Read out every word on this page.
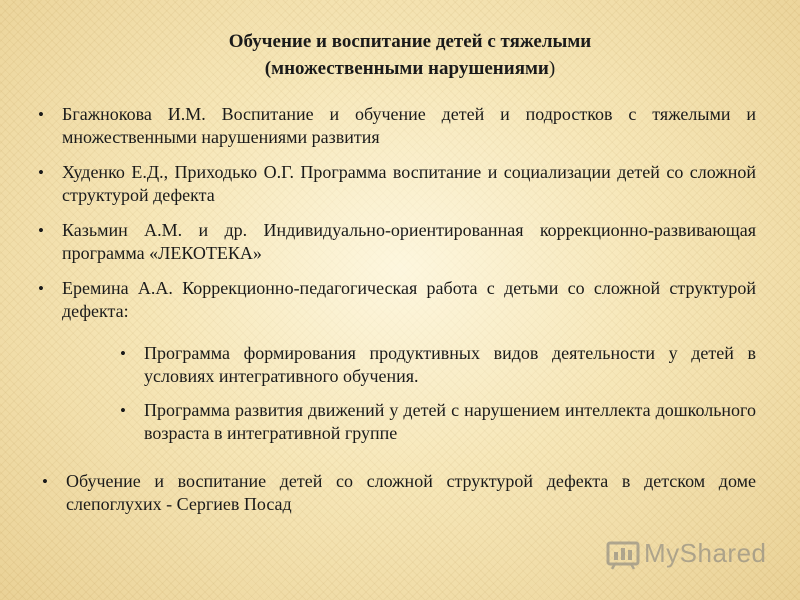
Обучение и воспитание детей с тяжелыми
(множественными нарушениями)
• Бгажнокова И.М. Воспитание и обучение детей и подростков с тяжелыми и множественными нарушениями развития
• Худенко Е.Д., Приходько О.Г. Программа воспитание и социализации детей со сложной структурой дефекта
• Казьмин А.М. и др. Индивидуально-ориентированная коррекционно-развивающая программа «ЛЕКОТЕКА»
• Еремина А.А. Коррекционно-педагогическая работа с детьми со сложной структурой дефекта:
• Программа формирования продуктивных видов деятельности у детей в условиях интегративного обучения.
• Программа развития движений у детей с нарушением интеллекта дошкольного возраста в интегративной группе
• Обучение и воспитание детей со сложной структурой дефекта в детском доме слепоглухих - Сергиев Посад
MyShared
